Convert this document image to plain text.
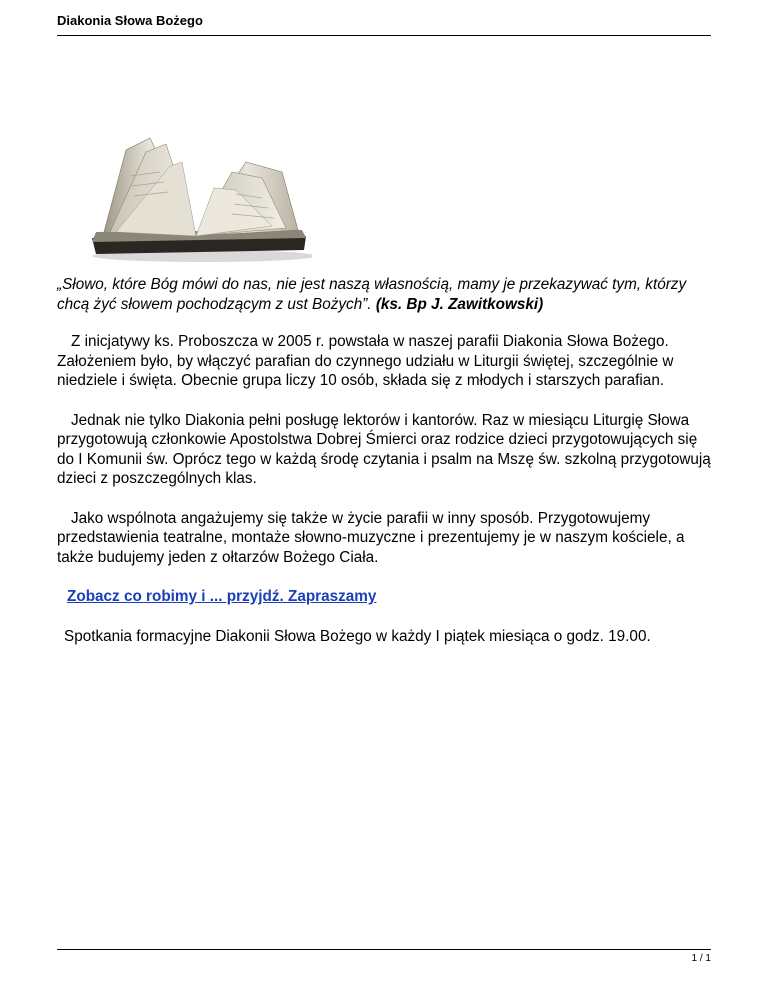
Diakonia Słowa Bożego

„Słowo, które Bóg mówi do nas, nie jest naszą własnością, mamy je przekazywać tym, którzy chcą żyć słowem pochodzącym z ust Bożych”. (ks. Bp J. Zawitkowski)

Z inicjatywy ks. Proboszcza w 2005 r. powstała w naszej parafii Diakonia Słowa Bożego. Założeniem było, by włączyć parafian do czynnego udziału w Liturgii świętej, szczególnie w niedziele i święta. Obecnie grupa liczy 10 osób, składa się z młodych i starszych parafian.

Jednak nie tylko Diakonia pełni posługę lektorów i kantorów. Raz w miesiącu Liturgię Słowa przygotowują członkowie Apostolstwa Dobrej Śmierci oraz rodzice dzieci przygotowujących się do I Komunii św. Oprócz tego w każdą środę czytania i psalm na Mszę św. szkolną przygotowują dzieci z poszczególnych klas.

Jako wspólnota angażujemy się także w życie parafii w inny sposób. Przygotowujemy przedstawienia teatralne, montaże słowno-muzyczne i prezentujemy je w naszym kościele, a także budujemy jeden z ołtarzów Bożego Ciała.

Zobacz co robimy i ... przyjdź. Zapraszamy

Spotkania formacyjne Diakonii Słowa Bożego w każdy I piątek miesiąca o godz. 19.00.

1 / 1
